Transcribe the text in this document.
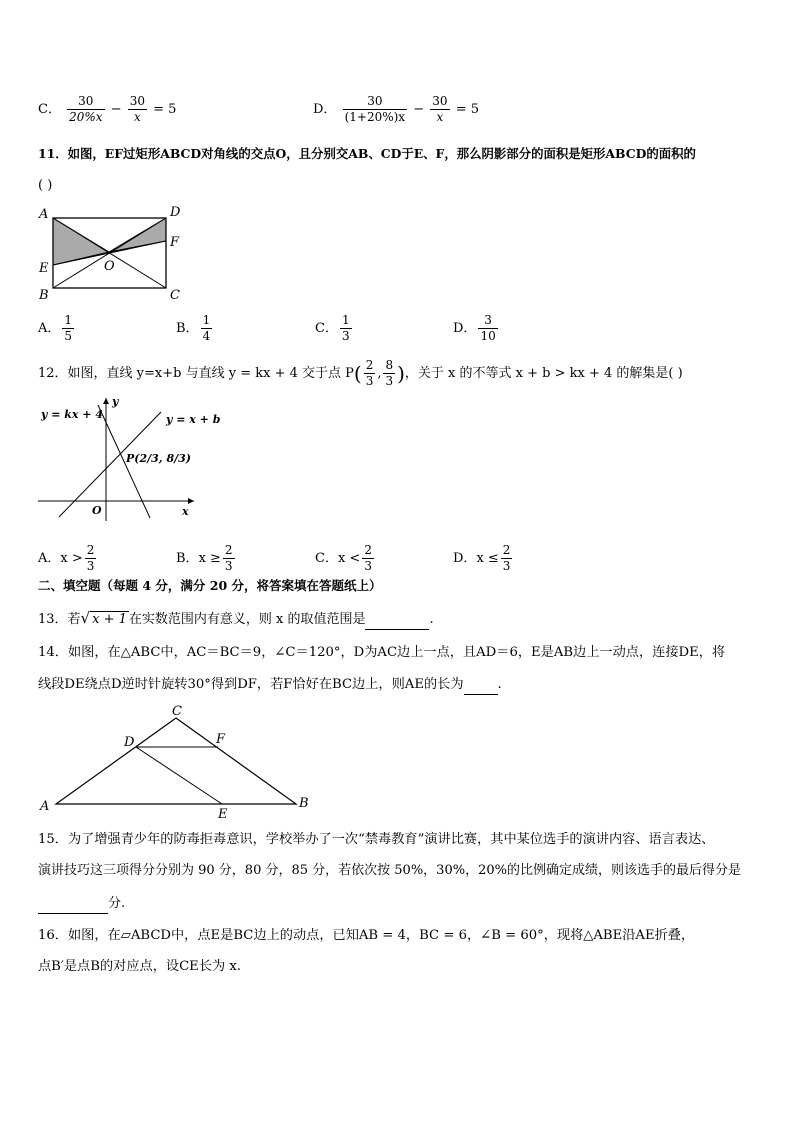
C． $\frac{30}{20\%x} - \frac{30}{x} = 5$	D． $\frac{30}{(1+20\%)x} - \frac{30}{x} = 5$
11．如图，EF过矩形ABCD对角线的交点O，且分别交AB、CD于E、F，那么阴影部分的面积是矩形ABCD的面积的
( )
A	D
F
E
B	C
O
A． $\frac{1}{5}$	B． $\frac{1}{4}$	C． $\frac{1}{3}$	D． $\frac{3}{10}$
12．如图，直线 y=x+b 与直线 y = kx + 4 交于点 $P( \frac{2}{3}$ , $\frac{8}{3}$ )，关于 x 的不等式 x + b > kx + 4 的解集是( )
y = kx + 4	y = x + b
y
x
O
P(2/3, 8/3)
A．$x > \frac{2}{3}$	B．$x \ge \frac{2}{3}$	C．$x < \frac{2}{3}$	D．$x \le \frac{2}{3}$
二、填空题（每题 4 分，满分 20 分，将答案填在答题纸上）
13．若√ x + 1 在实数范围内有意义，则 x 的取值范围是	.
14．如图，在△ABC中，AC＝BC＝9，∠C＝120°，D为AC边上一点，且AD＝6，E是AB边上一动点，连接DE，将
线段DE绕点D逆时针旋转30°得到DF，若F恰好在BC边上，则AE的长为	.
C
D	F
A	B
E
15．为了增强青少年的防毒拒毒意识，学校举办了一次“禁毒教育”演讲比赛，其中某位选手的演讲内容、语言表达、
演讲技巧这三项得分分别为 90 分，80 分，85 分，若依次按 50%，30%，20%的比例确定成绩，则该选手的最后得分是
分.
16．如图，在▱ABCD中，点E是BC边上的动点，已知AB = 4，BC = 6，∠B = 60°，现将△ABE沿AE折叠，
点B′是点B的对应点，设CE长为 x.
